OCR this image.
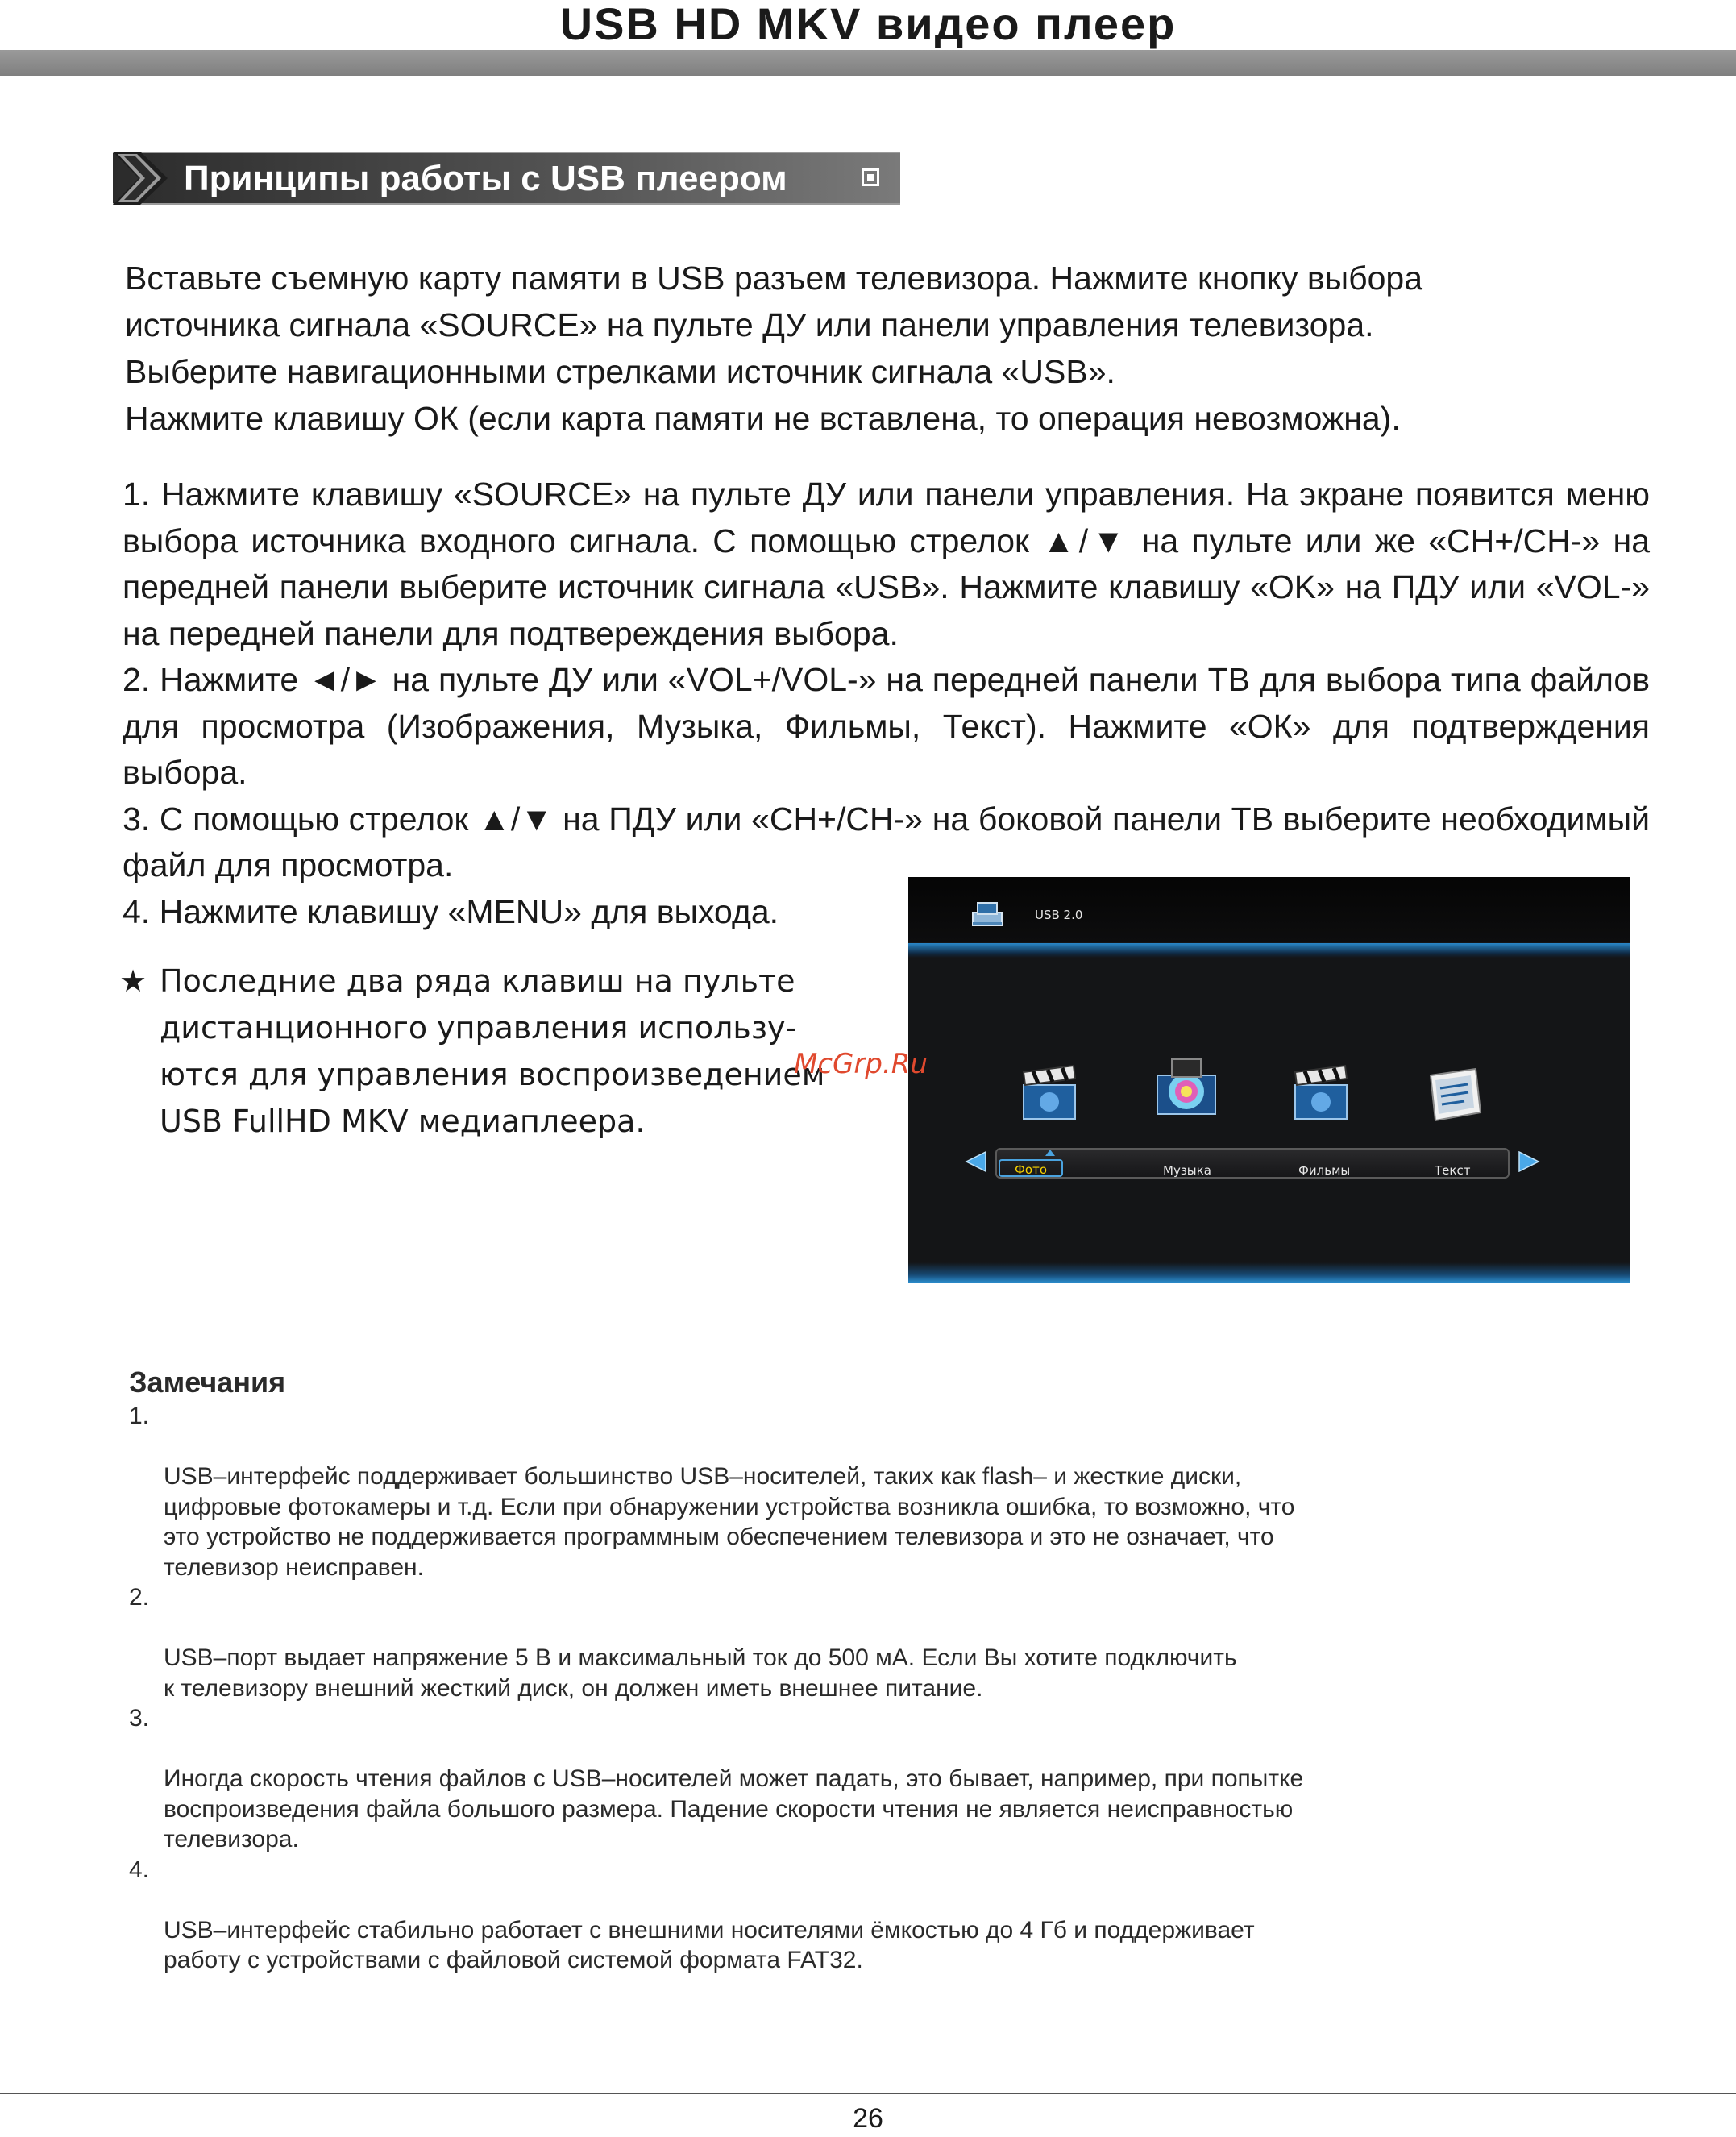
USB HD MKV видео плеер
Принципы работы с USB плеером

Вставьте съемную карту памяти в USB разъем телевизора. Нажмите кнопку выбора

источника сигнала «SOURCE» на пульте ДУ или панели управления телевизора.

Выберите навигационными стрелками источник сигнала «USB».

Нажмите клавишу ОК (если карта памяти не вставлена, то операция невозможна).

1. Нажмите клавишу «SOURCE» на пульте ДУ или панели управления. На экране появится меню выбора источника входного сигнала. С помощью стрелок ▲/▼ на пульте или же «CH+/CH-» на передней панели выберите источник сигнала «USB». Нажмите клавишу «OK» на ПДУ или «VOL-» на передней панели для подтвереждения выбора.

2. Нажмите ◄/► на пульте ДУ или «VOL+/VOL-» на передней панели ТВ для выбора типа файлов для просмотра (Изображения, Музыка, Фильмы, Текст). Нажмите «ОК» для подтверждения выбора.

3. С помощью стрелок ▲/▼ на ПДУ или «CH+/CH-» на боковой панели ТВ выберите необходимый файл для просмотра.

4. Нажмите клавишу «MENU» для выхода.

★ Последние два ряда клавиш на пульте
дистанционного управления использу-
ются для управления воспроизведением
USB FullHD MKV медиаплеера.
USB 2.0
Фото	Музыка	Фильмы	Текст
McGrp.Ru
Замечания

1.

USB–интерфейс поддерживает большинство USB–носителей, таких как flash– и жесткие диски,
цифровые фотокамеры и т.д. Если при обнаружении устройства возникла ошибка, то возможно, что
это устройство не поддерживается программным обеспечением телевизора и это не означает, что
телевизор неисправен.

2.

USB–порт выдает напряжение 5 В и максимальный ток до 500 мА. Если Вы хотите подключить
к телевизору внешний жесткий диск, он должен иметь внешнее питание.

3.

Иногда скорость чтения файлов с USB–носителей может падать, это бывает, например, при попытке
воспроизведения файла большого размера. Падение скорости чтения не является неисправностью
телевизора.

4.

USB–интерфейс стабильно работает с внешними носителями ёмкостью до 4 Гб и поддерживает
работу с устройствами с файловой системой формата FAT32.

26
